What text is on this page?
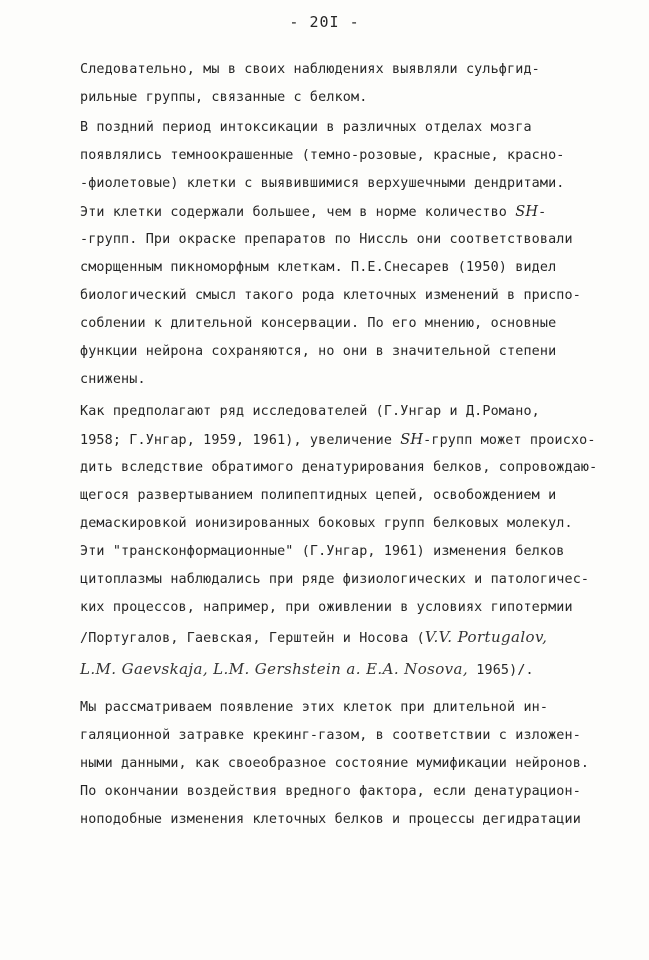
- 20I -
Следовательно, мы в своих наблюдениях выявляли сульфгид-
рильные группы, связанные с белком.
В поздний период интоксикации в различных отделах мозга
появлялись темноокрашенные (темно-розовые, красные, красно-
-фиолетовые) клетки с выявившимися верхушечными дендритами.
Эти клетки содержали большее, чем в норме количество SH-
-групп. При окраске препаратов по Ниссль они соответствовали
сморщенным пикноморфным клеткам. П.Е.Снесарев (1950) видел
биологический смысл такого рода клеточных изменений в приспо-
соблении к длительной консервации. По его мнению, основные
функции нейрона сохраняются, но они в значительной степени
снижены.
Как предполагают ряд исследователей (Г.Унгар и Д.Романо,
1958; Г.Унгар, 1959, 1961), увеличение SH-групп может происхо-
дить вследствие обратимого денатурирования белков, сопровождаю-
щегося развертыванием полипептидных цепей, освобождением и
демаскировкой ионизированных боковых групп белковых молекул.
Эти "трансконформационные" (Г.Унгар, 1961) изменения белков
цитоплазмы наблюдались при ряде физиологических и патологичес-
ких процессов, например, при оживлении в условиях гипотермии
/Португалов, Гаевская, Герштейн и Носова (V.V. Portugalov,
L.M. Gaevskaja, L.M. Gershstein a. E.A. Nosova, 1965)/.
Мы рассматриваем появление этих клеток при длительной ин-
галяционной затравке крекинг-газом, в соответствии с изложен-
ными данными, как своеобразное состояние мумификации нейронов.
По окончании воздействия вредного фактора, если денатурацион-
ноподобные изменения клеточных белков и процессы дегидратации
